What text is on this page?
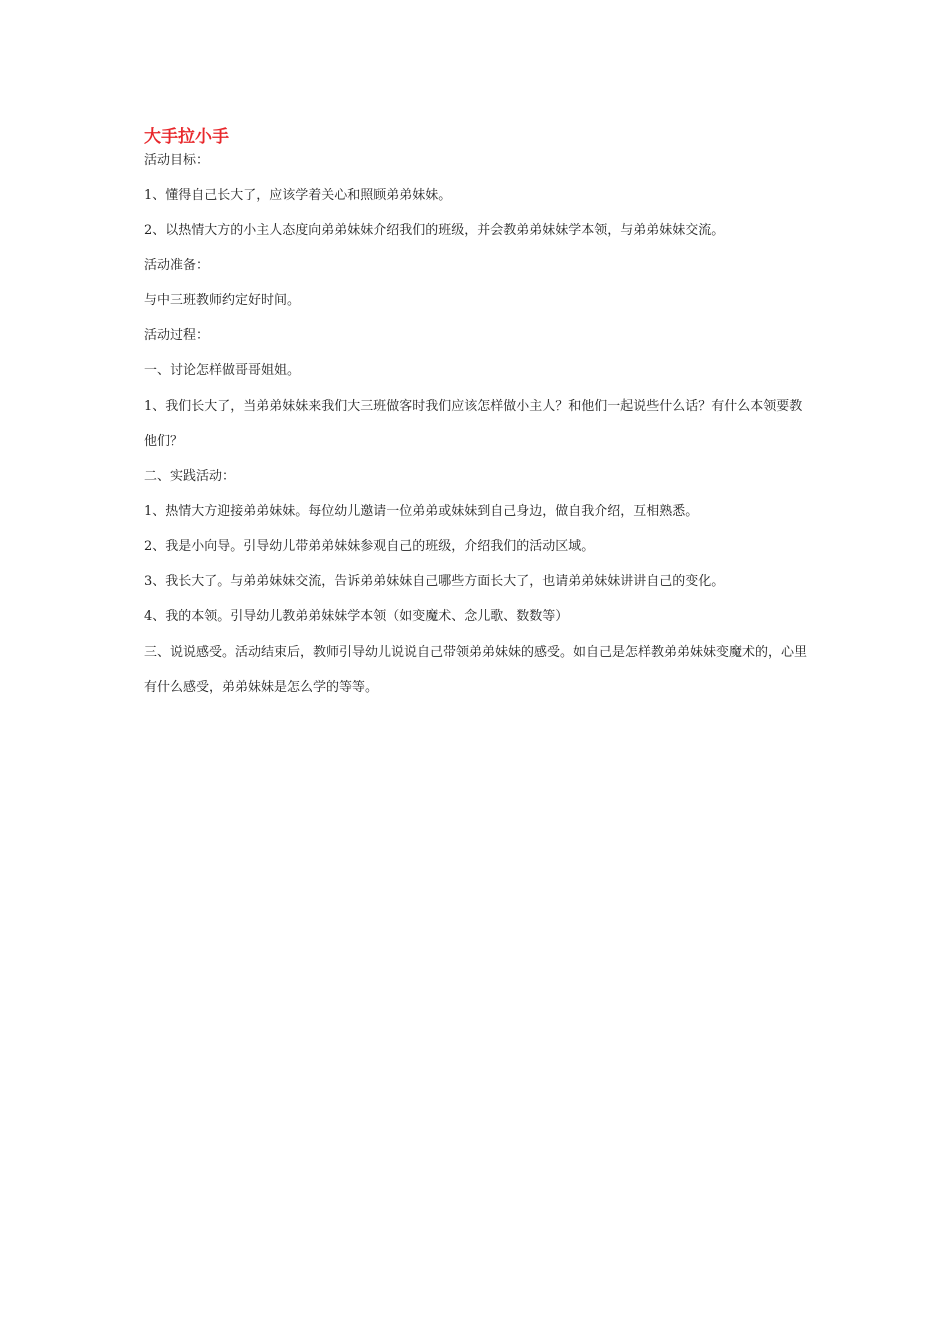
大手拉小手

活动目标：

1、懂得自己长大了，应该学着关心和照顾弟弟妹妹。

2、以热情大方的小主人态度向弟弟妹妹介绍我们的班级，并会教弟弟妹妹学本领，与弟弟妹妹交流。

活动准备：

与中三班教师约定好时间。

活动过程：

一、讨论怎样做哥哥姐姐。

1、我们长大了，当弟弟妹妹来我们大三班做客时我们应该怎样做小主人？和他们一起说些什么话？有什么本领要教他们？

二、实践活动：

1、热情大方迎接弟弟妹妹。每位幼儿邀请一位弟弟或妹妹到自己身边，做自我介绍，互相熟悉。

2、我是小向导。引导幼儿带弟弟妹妹参观自己的班级，介绍我们的活动区域。

3、我长大了。与弟弟妹妹交流，告诉弟弟妹妹自己哪些方面长大了，也请弟弟妹妹讲讲自己的变化。

4、我的本领。引导幼儿教弟弟妹妹学本领（如变魔术、念儿歌、数数等）

三、说说感受。活动结束后，教师引导幼儿说说自己带领弟弟妹妹的感受。如自己是怎样教弟弟妹妹变魔术的，心里有什么感受，弟弟妹妹是怎么学的等等。
